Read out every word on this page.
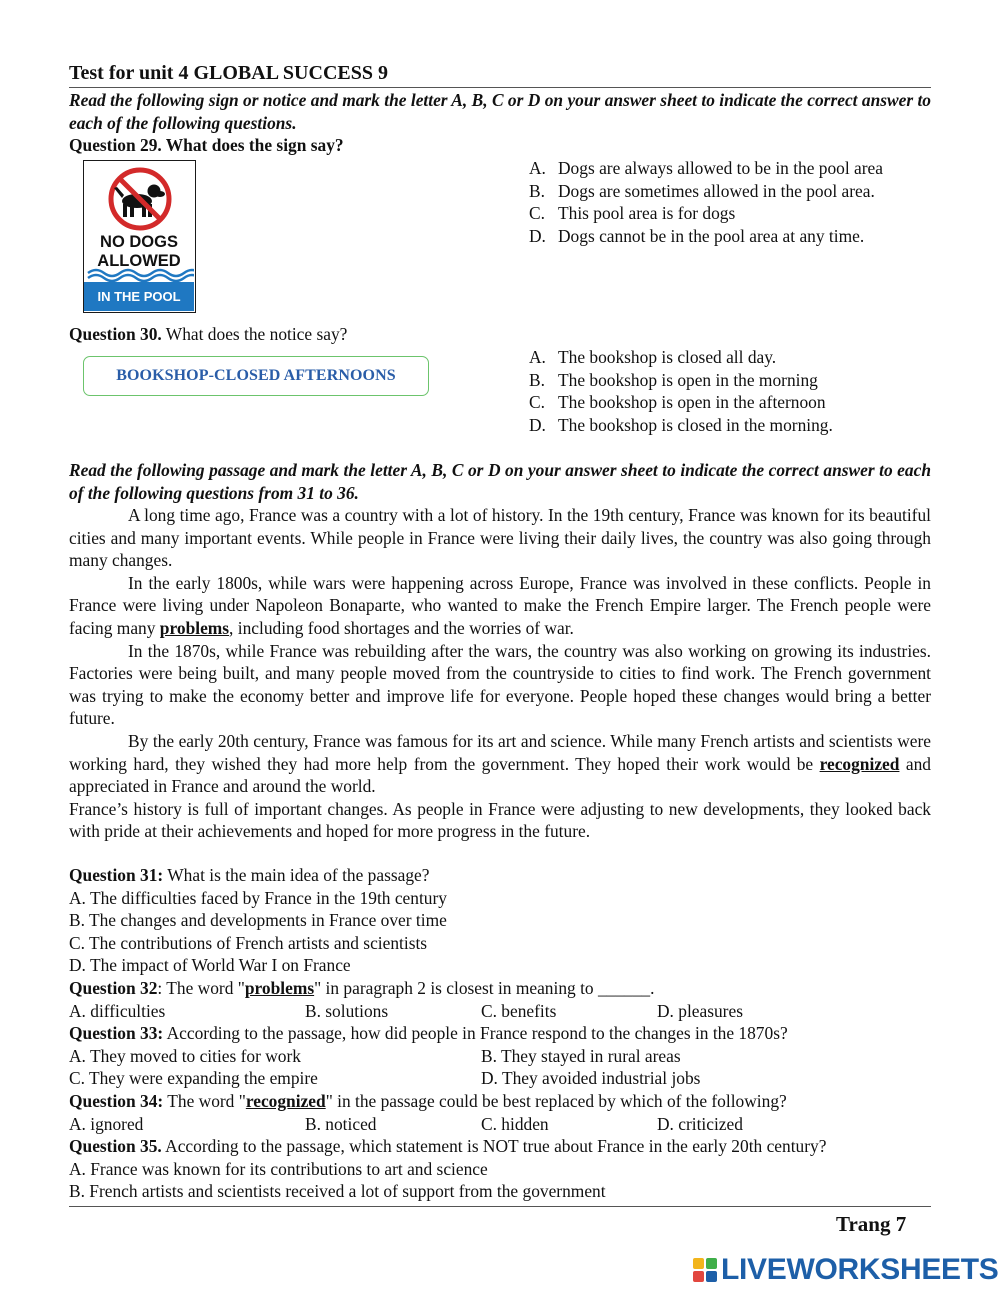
Test for unit 4 GLOBAL SUCCESS 9
Read the following sign or notice and mark the letter A, B, C or D on your answer sheet to indicate the correct answer to each of the following questions.
Question 29. What does the sign say?
NO DOGS
ALLOWED
IN THE POOL
A. Dogs are always allowed to be in the pool area
B. Dogs are sometimes allowed in the pool area.
C. This pool area is for dogs
D. Dogs cannot be in the pool area at any time.
Question 30. What does the notice say?
BOOKSHOP-CLOSED AFTERNOONS
A. The bookshop is closed all day.
B. The bookshop is open in the morning
C. The bookshop is open in the afternoon
D. The bookshop is closed in the morning.
Read the following passage and mark the letter A, B, C or D on your answer sheet to indicate the correct answer to each of the following questions from 31 to 36.

A long time ago, France was a country with a lot of history. In the 19th century, France was known for its beautiful cities and many important events. While people in France were living their daily lives, the country was also going through many changes.

In the early 1800s, while wars were happening across Europe, France was involved in these conflicts. People in France were living under Napoleon Bonaparte, who wanted to make the French Empire larger. The French people were facing many problems, including food shortages and the worries of war.

In the 1870s, while France was rebuilding after the wars, the country was also working on growing its industries. Factories were being built, and many people moved from the countryside to cities to find work. The French government was trying to make the economy better and improve life for everyone. People hoped these changes would bring a better future.

By the early 20th century, France was famous for its art and science. While many French artists and scientists were working hard, they wished they had more help from the government. They hoped their work would be recognized and appreciated in France and around the world.

France’s history is full of important changes. As people in France were adjusting to new developments, they looked back with pride at their achievements and hoped for more progress in the future.

Question 31: What is the main idea of the passage?
A. The difficulties faced by France in the 19th century
B. The changes and developments in France over time
C. The contributions of French artists and scientists
D. The impact of World War I on France
Question 32: The word "problems" in paragraph 2 is closest in meaning to ______.
A. difficulties	B. solutions	C. benefits	D. pleasures
Question 33: According to the passage, how did people in France respond to the changes in the 1870s?
A. They moved to cities for work	B. They stayed in rural areas
C. They were expanding the empire	D. They avoided industrial jobs
Question 34: The word "recognized" in the passage could be best replaced by which of the following?
A. ignored	B. noticed	C. hidden	D. criticized
Question 35. According to the passage, which statement is NOT true about France in the early 20th century?
A. France was known for its contributions to art and science
B. French artists and scientists received a lot of support from the government
Trang 7
LIVEWORKSHEETS
